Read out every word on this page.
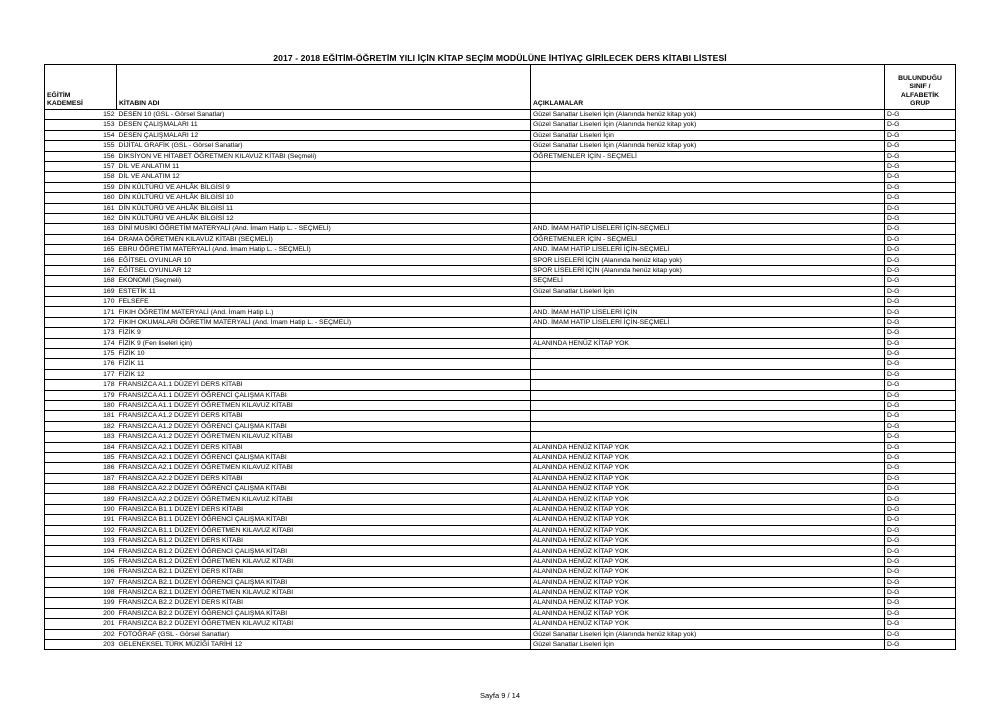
2017 - 2018 EĞİTİM-ÖĞRETİM YILI İÇİN KİTAP SEÇİM MODÜLÜNE İHTİYAÇ GİRİLECEK DERS KİTABI LİSTESİ
EĞİTİM
KADEMESİ	KİTABIN ADI	AÇIKLAMALAR	BULUNDUĞU
SINIF /
ALFABETİK
GRUP
152	DESEN 10 (GSL - Görsel Sanatlar)	Güzel Sanatlar Liseleri İçin (Alanında henüz kitap yok)	D-G
153	DESEN ÇALIŞMALARI 11	Güzel Sanatlar Liseleri İçin (Alanında henüz kitap yok)	D-G
154	DESEN ÇALIŞMALARI 12	Güzel Sanatlar Liseleri İçin	D-G
155	DİJİTAL GRAFİK (GSL - Görsel Sanatlar)	Güzel Sanatlar Liseleri İçin (Alanında henüz kitap yok)	D-G
156	DİKSİYON VE HİTABET ÖĞRETMEN KILAVUZ KİTABI (Seçmeli)	ÖĞRETMENLER İÇİN - SEÇMELİ	D-G
157	DİL VE ANLATIM 11		D-G
158	DİL VE ANLATIM 12		D-G
159	DİN KÜLTÜRÜ VE AHLÂK BİLGİSİ 9		D-G
160	DİN KÜLTÜRÜ VE AHLÂK BİLGİSİ 10		D-G
161	DİN KÜLTÜRÜ VE AHLÂK BİLGİSİ 11		D-G
162	DİN KÜLTÜRÜ VE AHLÂK BİLGİSİ 12		D-G
163	DİNİ MUSİKİ ÖĞRETİM MATERYALİ (And. İmam Hatip L. - SEÇMELİ)	AND. İMAM HATİP LİSELERİ İÇİN-SEÇMELİ	D-G
164	DRAMA ÖĞRETMEN KILAVUZ KİTABI (SEÇMELİ)	ÖĞRETMENLER İÇİN - SEÇMELİ	D-G
165	EBRU ÖĞRETİM MATERYALİ (And. İmam Hatip L. - SEÇMELİ)	AND. İMAM HATİP LİSELERİ İÇİN-SEÇMELİ	D-G
166	EĞİTSEL OYUNLAR 10	SPOR LİSELERİ İÇİN (Alanında henüz kitap yok)	D-G
167	EĞİTSEL OYUNLAR 12	SPOR LİSELERİ İÇİN (Alanında henüz kitap yok)	D-G
168	EKONOMİ (Seçmeli)	SEÇMELİ	D-G
169	ESTETİK 11	Güzel Sanatlar Liseleri İçin	D-G
170	FELSEFE		D-G
171	FIKIH ÖĞRETİM MATERYALİ (And. İmam Hatip L.)	AND. İMAM HATİP LİSELERİ İÇİN	D-G
172	FIKIH OKUMALARI ÖĞRETİM MATERYALİ (And. İmam Hatip L. - SEÇMELİ)	AND. İMAM HATİP LİSELERİ İÇİN-SEÇMELİ	D-G
173	FİZİK 9		D-G
174	FİZİK 9 (Fen liseleri için)	ALANINDA HENÜZ KİTAP YOK	D-G
175	FİZİK 10		D-G
176	FİZİK 11		D-G
177	FİZİK 12		D-G
178	FRANSIZCA A1.1 DÜZEYİ DERS KİTABI		D-G
179	FRANSIZCA A1.1 DÜZEYİ ÖĞRENCİ ÇALIŞMA KİTABI		D-G
180	FRANSIZCA A1.1 DÜZEYİ ÖĞRETMEN KILAVUZ KİTABI		D-G
181	FRANSIZCA A1.2 DÜZEYİ DERS KİTABI		D-G
182	FRANSIZCA A1.2 DÜZEYİ ÖĞRENCİ ÇALIŞMA KİTABI		D-G
183	FRANSIZCA A1.2 DÜZEYİ ÖĞRETMEN KILAVUZ KİTABI		D-G
184	FRANSIZCA A2.1 DÜZEYİ DERS KİTABI	ALANINDA HENÜZ KİTAP YOK	D-G
185	FRANSIZCA A2.1 DÜZEYİ ÖĞRENCİ ÇALIŞMA KİTABI	ALANINDA HENÜZ KİTAP YOK	D-G
186	FRANSIZCA A2.1 DÜZEYİ ÖĞRETMEN KILAVUZ KİTABI	ALANINDA HENÜZ KİTAP YOK	D-G
187	FRANSIZCA A2.2 DÜZEYİ DERS KİTABI	ALANINDA HENÜZ KİTAP YOK	D-G
188	FRANSIZCA A2.2 DÜZEYİ ÖĞRENCİ ÇALIŞMA KİTABI	ALANINDA HENÜZ KİTAP YOK	D-G
189	FRANSIZCA A2.2 DÜZEYİ ÖĞRETMEN KILAVUZ KİTABI	ALANINDA HENÜZ KİTAP YOK	D-G
190	FRANSIZCA B1.1 DÜZEYİ DERS KİTABI	ALANINDA HENÜZ KİTAP YOK	D-G
191	FRANSIZCA B1.1 DÜZEYİ ÖĞRENCİ ÇALIŞMA KİTABI	ALANINDA HENÜZ KİTAP YOK	D-G
192	FRANSIZCA B1.1 DÜZEYİ ÖĞRETMEN KILAVUZ KİTABI	ALANINDA HENÜZ KİTAP YOK	D-G
193	FRANSIZCA B1.2 DÜZEYİ DERS KİTABI	ALANINDA HENÜZ KİTAP YOK	D-G
194	FRANSIZCA B1.2 DÜZEYİ ÖĞRENCİ ÇALIŞMA KİTABI	ALANINDA HENÜZ KİTAP YOK	D-G
195	FRANSIZCA B1.2 DÜZEYİ ÖĞRETMEN KILAVUZ KİTABI	ALANINDA HENÜZ KİTAP YOK	D-G
196	FRANSIZCA B2.1 DÜZEYİ DERS KİTABI	ALANINDA HENÜZ KİTAP YOK	D-G
197	FRANSIZCA B2.1 DÜZEYİ ÖĞRENCİ ÇALIŞMA KİTABI	ALANINDA HENÜZ KİTAP YOK	D-G
198	FRANSIZCA B2.1 DÜZEYİ ÖĞRETMEN KILAVUZ KİTABI	ALANINDA HENÜZ KİTAP YOK	D-G
199	FRANSIZCA B2.2 DÜZEYİ DERS KİTABI	ALANINDA HENÜZ KİTAP YOK	D-G
200	FRANSIZCA B2.2 DÜZEYİ ÖĞRENCİ ÇALIŞMA KİTABI	ALANINDA HENÜZ KİTAP YOK	D-G
201	FRANSIZCA B2.2 DÜZEYİ ÖĞRETMEN KILAVUZ KİTABI	ALANINDA HENÜZ KİTAP YOK	D-G
202	FOTOĞRAF (GSL - Görsel Sanatlar)	Güzel Sanatlar Liseleri İçin (Alanında henüz kitap yok)	D-G
203	GELENEKSEL TÜRK MÜZİĞİ TARİHİ 12	Güzel Sanatlar Liseleri İçin	D-G
Sayfa 9 / 14
